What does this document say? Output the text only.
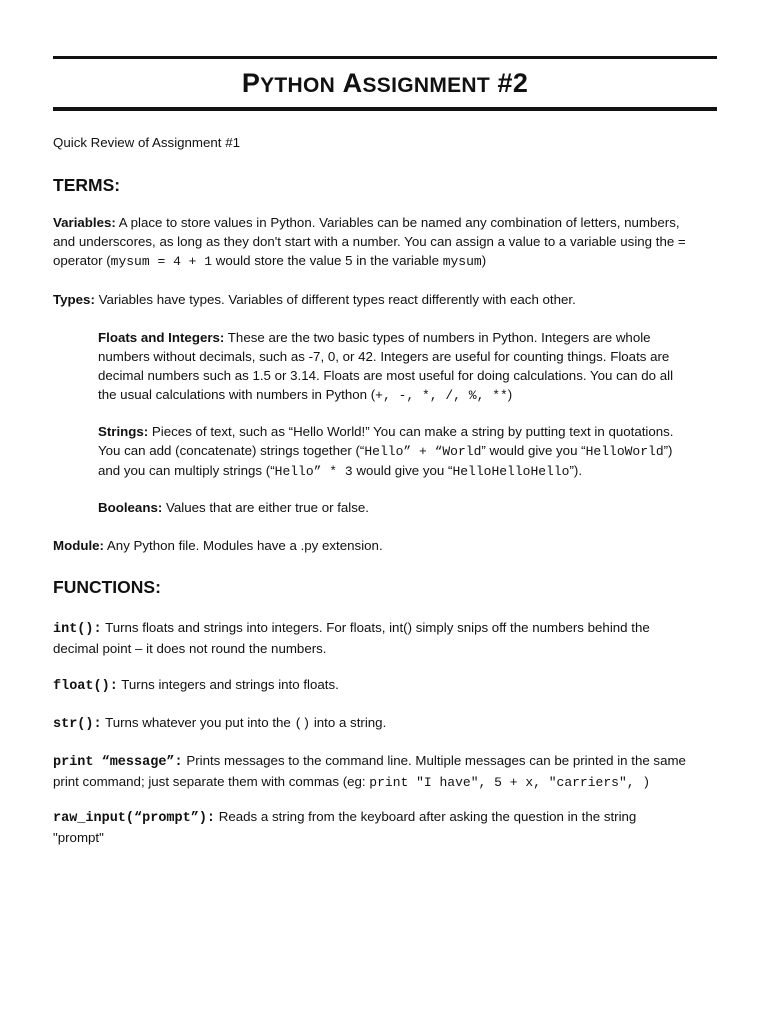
PYTHON ASSIGNMENT #2
Quick Review of Assignment #1
TERMS:
Variables: A place to store values in Python. Variables can be named any combination of letters, numbers,
and underscores, as long as they don't start with a number. You can assign a value to a variable using the =
operator (mysum = 4 + 1 would store the value 5 in the variable mysum)
Types: Variables have types. Variables of different types react differently with each other.
Floats and Integers: These are the two basic types of numbers in Python. Integers are whole
numbers without decimals, such as -7, 0, or 42. Integers are useful for counting things. Floats are
decimal numbers such as 1.5 or 3.14. Floats are most useful for doing calculations. You can do all
the usual calculations with numbers in Python (+, -, *, /, %, **)
Strings: Pieces of text, such as “Hello World!” You can make a string by putting text in quotations.
You can add (concatenate) strings together (“Hello” + “World” would give you “HelloWorld”)
and you can multiply strings (“Hello” * 3 would give you “HelloHelloHello”).
Booleans: Values that are either true or false.
Module: Any Python file. Modules have a .py extension.
FUNCTIONS:
int(): Turns floats and strings into integers. For floats, int() simply snips off the numbers behind the
decimal point – it does not round the numbers.
float(): Turns integers and strings into floats.
str(): Turns whatever you put into the () into a string.
print “message”: Prints messages to the command line. Multiple messages can be printed in the same
print command; just separate them with commas (eg: print "I have", 5 + x, "carriers", )
raw_input(“prompt”): Reads a string from the keyboard after asking the question in the string
"prompt"
